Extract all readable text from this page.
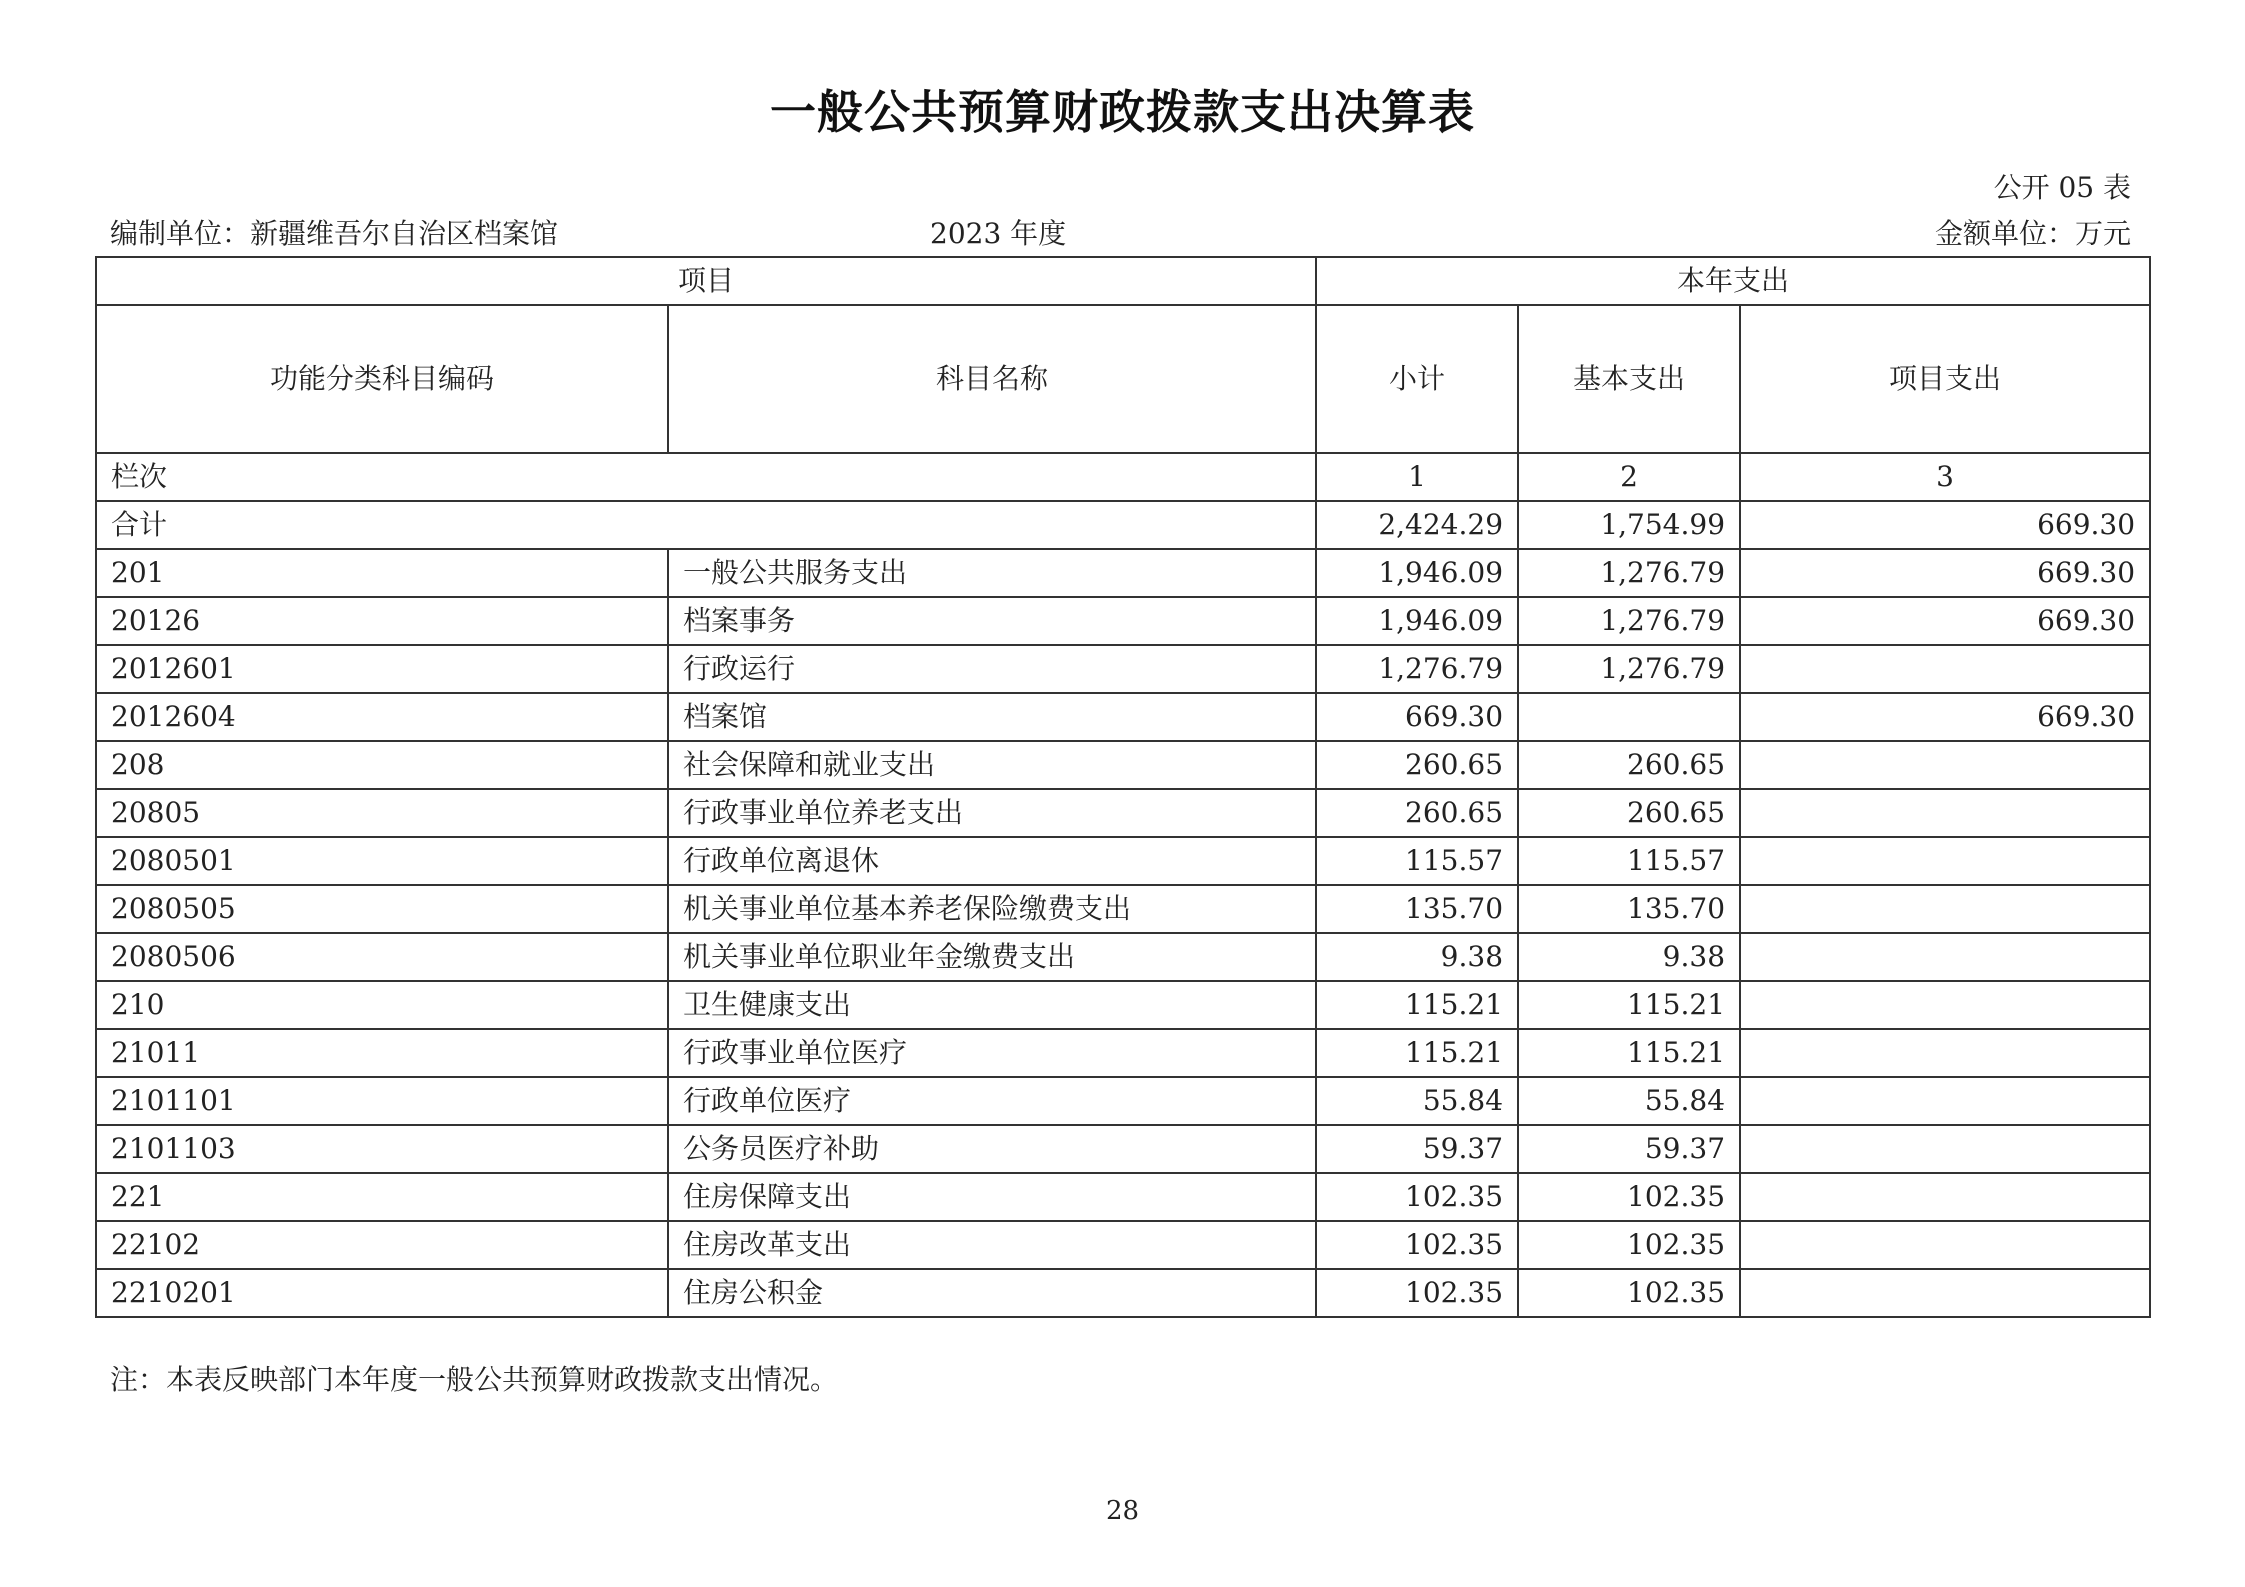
一般公共预算财政拨款支出决算表
公开 05 表
编制单位：新疆维吾尔自治区档案馆	2023 年度	金额单位：万元
项目		本年支出		
功能分类科目编码	科目名称	小计	基本支出	项目支出
栏次		1	2	3
合计		2,424.29	1,754.99	669.30
201	一般公共服务支出	1,946.09	1,276.79	669.30
20126	档案事务	1,946.09	1,276.79	669.30
2012601	行政运行	1,276.79	1,276.79	
2012604	档案馆	669.30		669.30
208	社会保障和就业支出	260.65	260.65	
20805	行政事业单位养老支出	260.65	260.65	
2080501	行政单位离退休	115.57	115.57	
2080505	机关事业单位基本养老保险缴费支出	135.70	135.70	
2080506	机关事业单位职业年金缴费支出	9.38	9.38	
210	卫生健康支出	115.21	115.21	
21011	行政事业单位医疗	115.21	115.21	
2101101	行政单位医疗	55.84	55.84	
2101103	公务员医疗补助	59.37	59.37	
221	住房保障支出	102.35	102.35	
22102	住房改革支出	102.35	102.35	
2210201	住房公积金	102.35	102.35	
注：本表反映部门本年度一般公共预算财政拨款支出情况。
28
